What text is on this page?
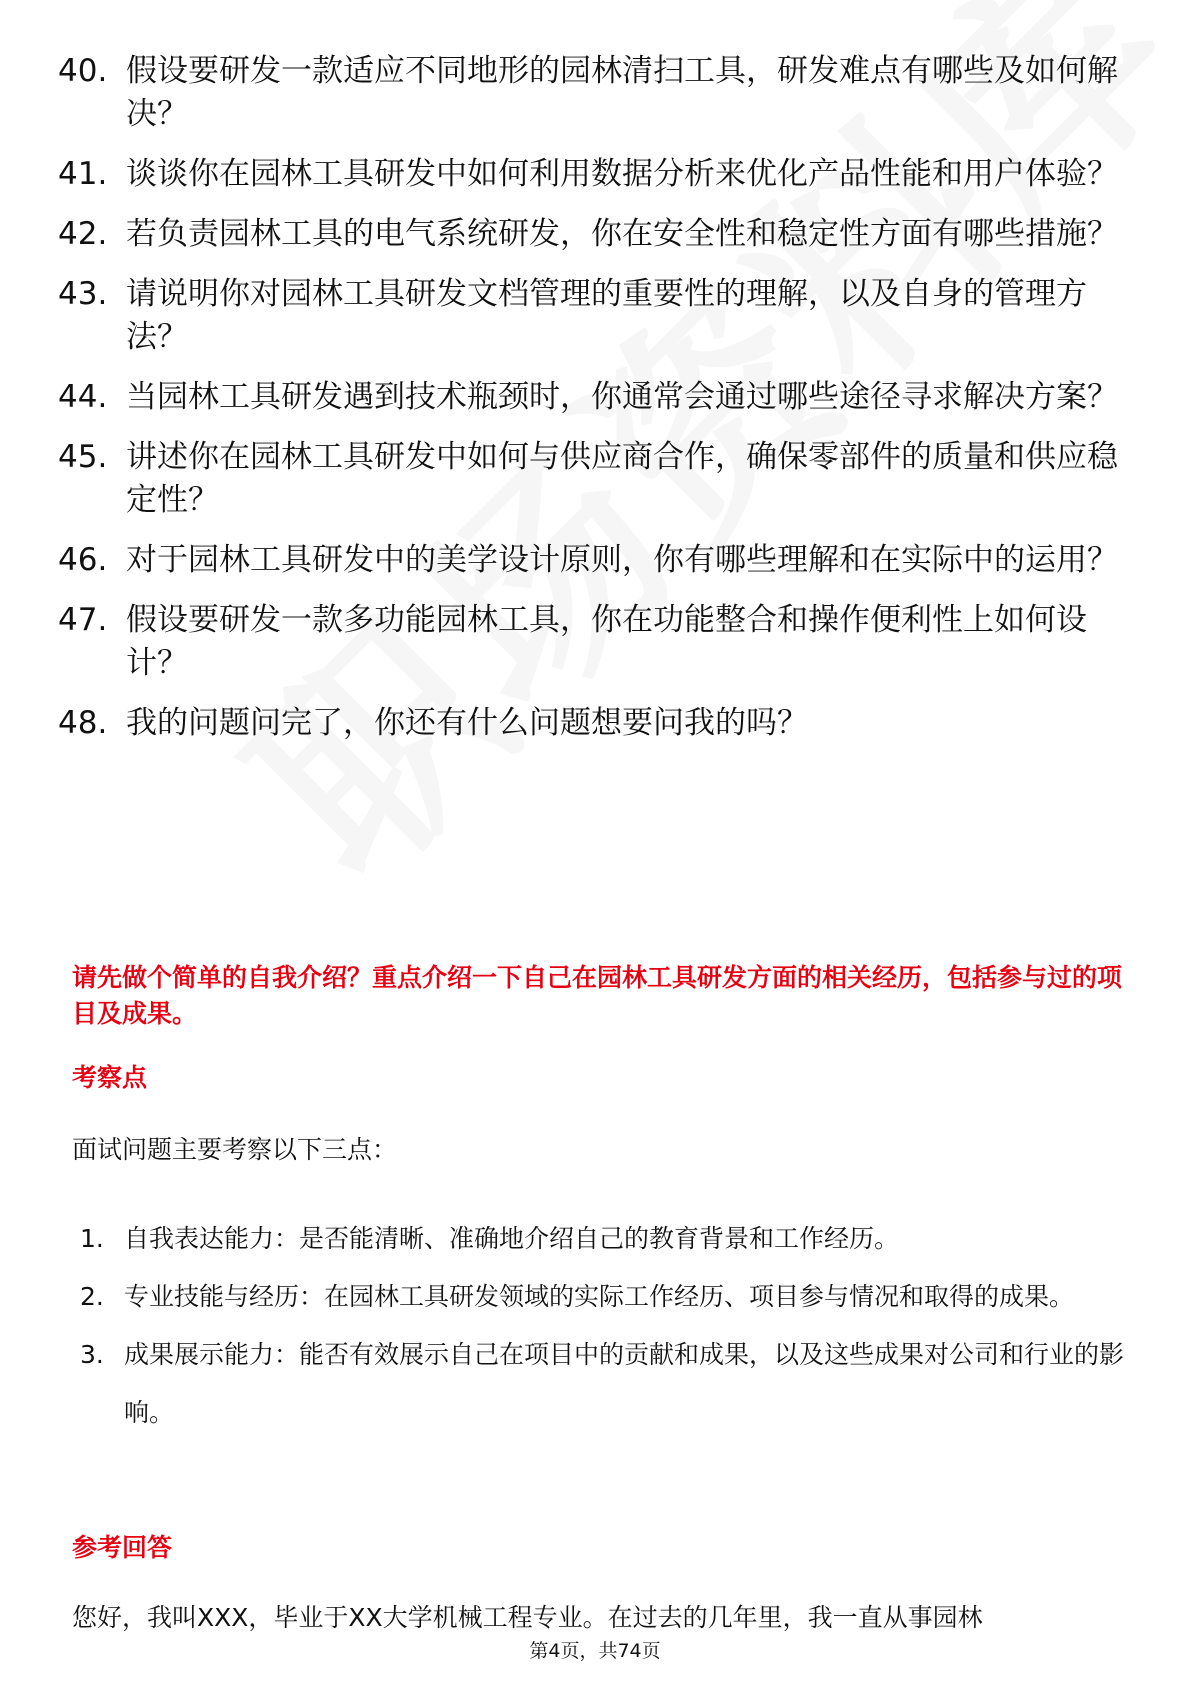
40. 假设要研发一款适应不同地形的园林清扫工具，研发难点有哪些及如何解决？
41. 谈谈你在园林工具研发中如何利用数据分析来优化产品性能和用户体验？
42. 若负责园林工具的电气系统研发，你在安全性和稳定性方面有哪些措施？
43. 请说明你对园林工具研发文档管理的重要性的理解，以及自身的管理方法？
44. 当园林工具研发遇到技术瓶颈时，你通常会通过哪些途径寻求解决方案？
45. 讲述你在园林工具研发中如何与供应商合作，确保零部件的质量和供应稳定性？
46. 对于园林工具研发中的美学设计原则，你有哪些理解和在实际中的运用？
47. 假设要研发一款多功能园林工具，你在功能整合和操作便利性上如何设计？
48. 我的问题问完了，你还有什么问题想要问我的吗？
请先做个简单的自我介绍？重点介绍一下自己在园林工具研发方面的相关经历，包括参与过的项目及成果。
考察点
面试问题主要考察以下三点：
1. 自我表达能力：是否能清晰、准确地介绍自己的教育背景和工作经历。
2. 专业技能与经历：在园林工具研发领域的实际工作经历、项目参与情况和取得的成果。
3. 成果展示能力：能否有效展示自己在项目中的贡献和成果，以及这些成果对公司和行业的影响。
参考回答
您好，我叫XXX，毕业于XX大学机械工程专业。在过去的几年里，我一直从事园林
第4页，共74页
